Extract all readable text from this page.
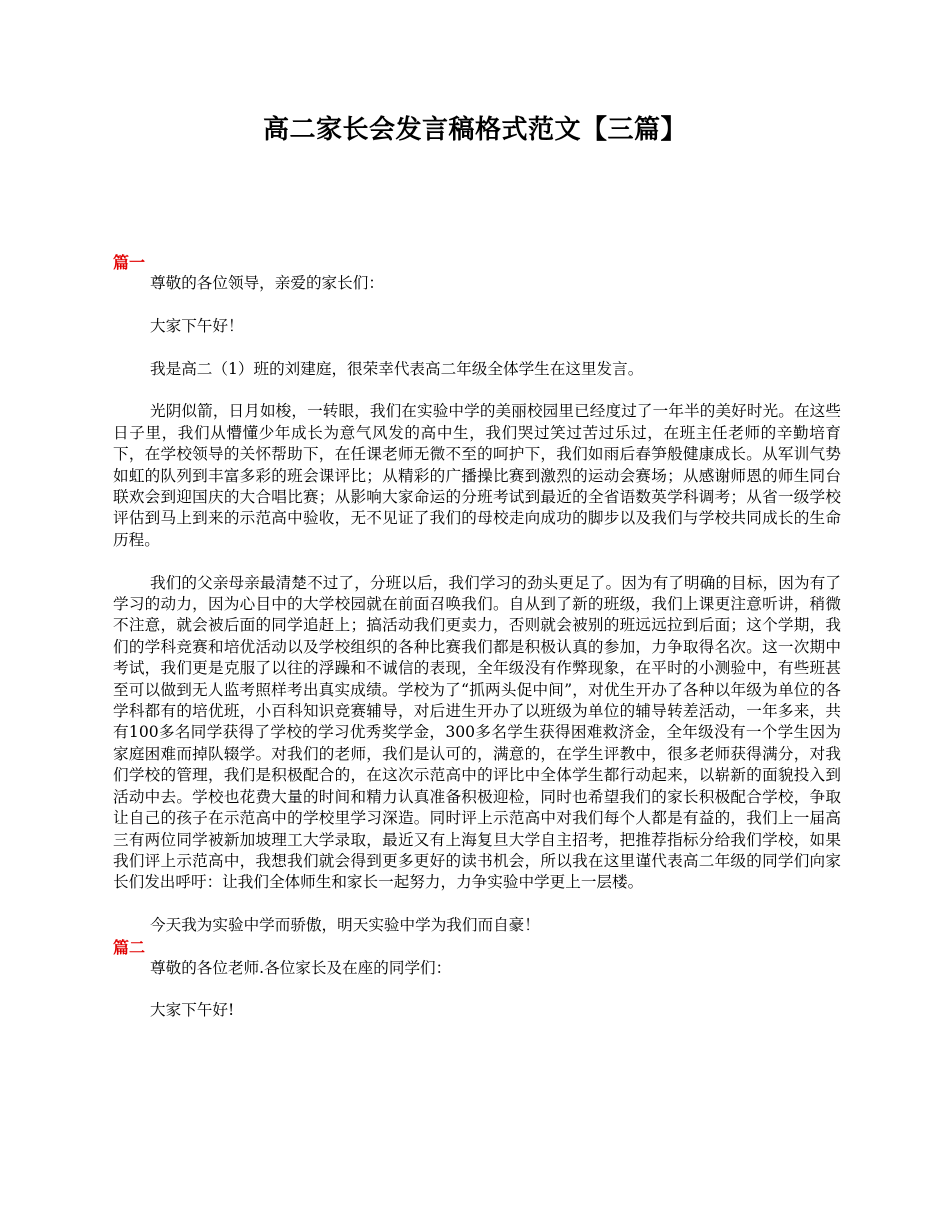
高二家长会发言稿格式范文【三篇】
篇一

尊敬的各位领导，亲爱的家长们：

大家下午好！

我是高二（1）班的刘建庭，很荣幸代表高二年级全体学生在这里发言。

光阴似箭，日月如梭，一转眼，我们在实验中学的美丽校园里已经度过了一年半的美好时光。在这些日子里，我们从懵懂少年成长为意气风发的高中生，我们哭过笑过苦过乐过，在班主任老师的辛勤培育下，在学校领导的关怀帮助下，在任课老师无微不至的呵护下，我们如雨后春笋般健康成长。从军训气势如虹的队列到丰富多彩的班会课评比；从精彩的广播操比赛到激烈的运动会赛场；从感谢师恩的师生同台联欢会到迎国庆的大合唱比赛；从影响大家命运的分班考试到最近的全省语数英学科调考；从省一级学校评估到马上到来的示范高中验收，无不见证了我们的母校走向成功的脚步以及我们与学校共同成长的生命历程。

我们的父亲母亲最清楚不过了，分班以后，我们学习的劲头更足了。因为有了明确的目标，因为有了学习的动力，因为心目中的大学校园就在前面召唤我们。自从到了新的班级，我们上课更注意听讲，稍微不注意，就会被后面的同学追赶上；搞活动我们更卖力，否则就会被别的班远远拉到后面；这个学期，我们的学科竞赛和培优活动以及学校组织的各种比赛我们都是积极认真的参加，力争取得名次。这一次期中考试，我们更是克服了以往的浮躁和不诚信的表现，全年级没有作弊现象，在平时的小测验中，有些班甚至可以做到无人监考照样考出真实成绩。学校为了“抓两头促中间”，对优生开办了各种以年级为单位的各学科都有的培优班，小百科知识竞赛辅导，对后进生开办了以班级为单位的辅导转差活动，一年多来，共有100多名同学获得了学校的学习优秀奖学金，300多名学生获得困难救济金，全年级没有一个学生因为家庭困难而掉队辍学。对我们的老师，我们是认可的，满意的，在学生评教中，很多老师获得满分，对我们学校的管理，我们是积极配合的，在这次示范高中的评比中全体学生都行动起来，以崭新的面貌投入到活动中去。学校也花费大量的时间和精力认真准备积极迎检，同时也希望我们的家长积极配合学校，争取让自己的孩子在示范高中的学校里学习深造。同时评上示范高中对我们每个人都是有益的，我们上一届高三有两位同学被新加坡理工大学录取，最近又有上海复旦大学自主招考，把推荐指标分给我们学校，如果我们评上示范高中，我想我们就会得到更多更好的读书机会，所以我在这里谨代表高二年级的同学们向家长们发出呼吁：让我们全体师生和家长一起努力，力争实验中学更上一层楼。

今天我为实验中学而骄傲，明天实验中学为我们而自豪！

篇二

尊敬的各位老师.各位家长及在座的同学们：

大家下午好!
